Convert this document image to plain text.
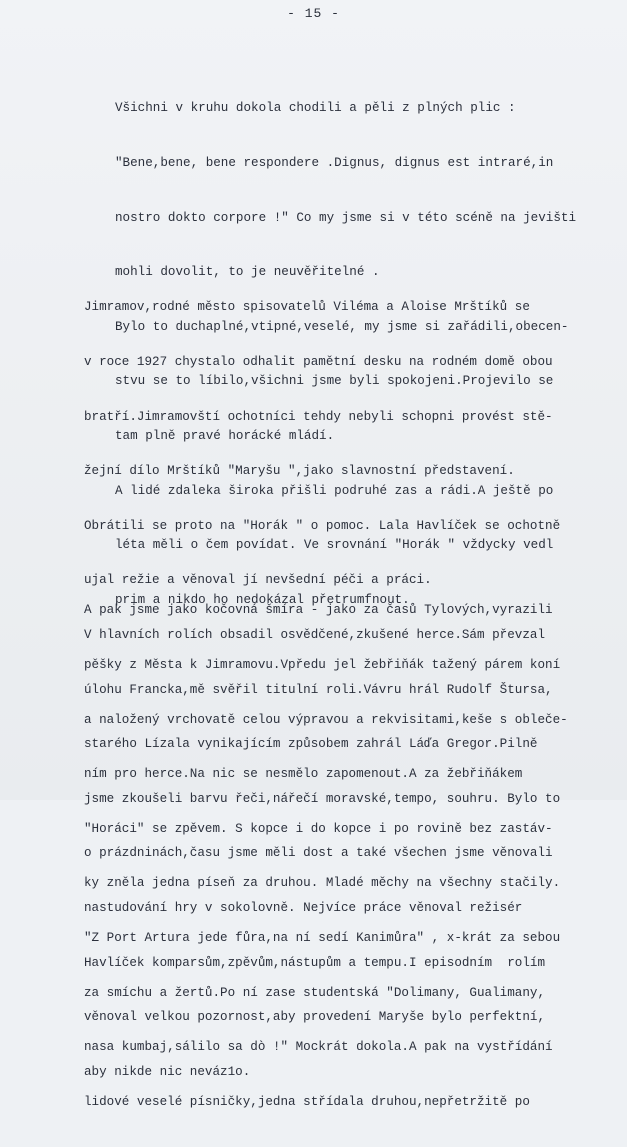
- 15 -

Všichni v kruhu dokola chodili a pěli z plných plic :

"Bene,bene, bene respondere .Dignus, dignus est intraré,in

nostro dokto corpore !" Co my jsme si v této scéně na jevišti

mohli dovolit, to je neuvěřitelné .

Bylo to duchaplné,vtipné,veselé, my jsme si zařádili,obecen-

stvu se to líbilo,všichni jsme byli spokojeni.Projevilo se

tam plně pravé horácké mládí.

A lidé zdaleka široka přišli podruhé zas a rádi.A ještě po

léta měli o čem povídat. Ve srovnání "Horák " vždycky vedl

prim a nikdo ho nedokázal přetrumfnout.

Jimramov,rodné město spisovatelů Viléma a Aloise Mrštíků se

v roce 1927 chystalo odhalit pamětní desku na rodném domě obou

bratří.Jimramovští ochotníci tehdy nebyli schopni provést stě-

žejní dílo Mrštíků "Maryšu ",jako slavnostní představení.

Obrátili se proto na "Horák " o pomoc. Lala Havlíček se ochotně

ujal režie a věnoval jí nevšední péči a práci.

V hlavních rolích obsadil osvědčené,zkušené herce.Sám převzal

úlohu Francka,mě svěřil titulní roli.Vávru hrál Rudolf Štursa,

starého Lízala vynikajícím způsobem zahrál Láďa Gregor.Pilně

jsme zkoušeli barvu řeči,nářečí moravské,tempo, souhru. Bylo to

o prázdninách,času jsme měli dost a také všechen jsme věnovali

nastudování hry v sokolovně. Nejvíce práce věnoval režisér

Havlíček komparsům,zpěvům,nástupům a tempu.I episodním  rolím

věnoval velkou pozornost,aby provedení Maryše bylo perfektní,

aby nikde nic neváz1o.

A pak jsme jako kočovná šmíra - jako za časů Tylových,vyrazili

pěšky z Města k Jimramovu.Vpředu jel žebřiňák tažený párem koní

a naložený vrchovatě celou výpravou a rekvisitami,keše s oblečе-

ním pro herce.Na nic se nesmělo zapomenout.A za žebřiňákem

"Horáci" se zpěvem. S kopce i do kopce i po rovině bez zastáv-

ky zněla jedna píseň za druhou. Mladé měchy na všechny stačily.

"Z Port Artura jede fůra,na ní sedí Kanimůra" , x-krát za sebou

za smíchu a žertů.Po ní zase studentská "Dolimany, Gualimany,

nasa kumbaj,sálilo sa dò !" Mockrát dokola.A pak na vystřídání

lidové veselé písničky,jedna střídala druhou,nepřetržitě po
